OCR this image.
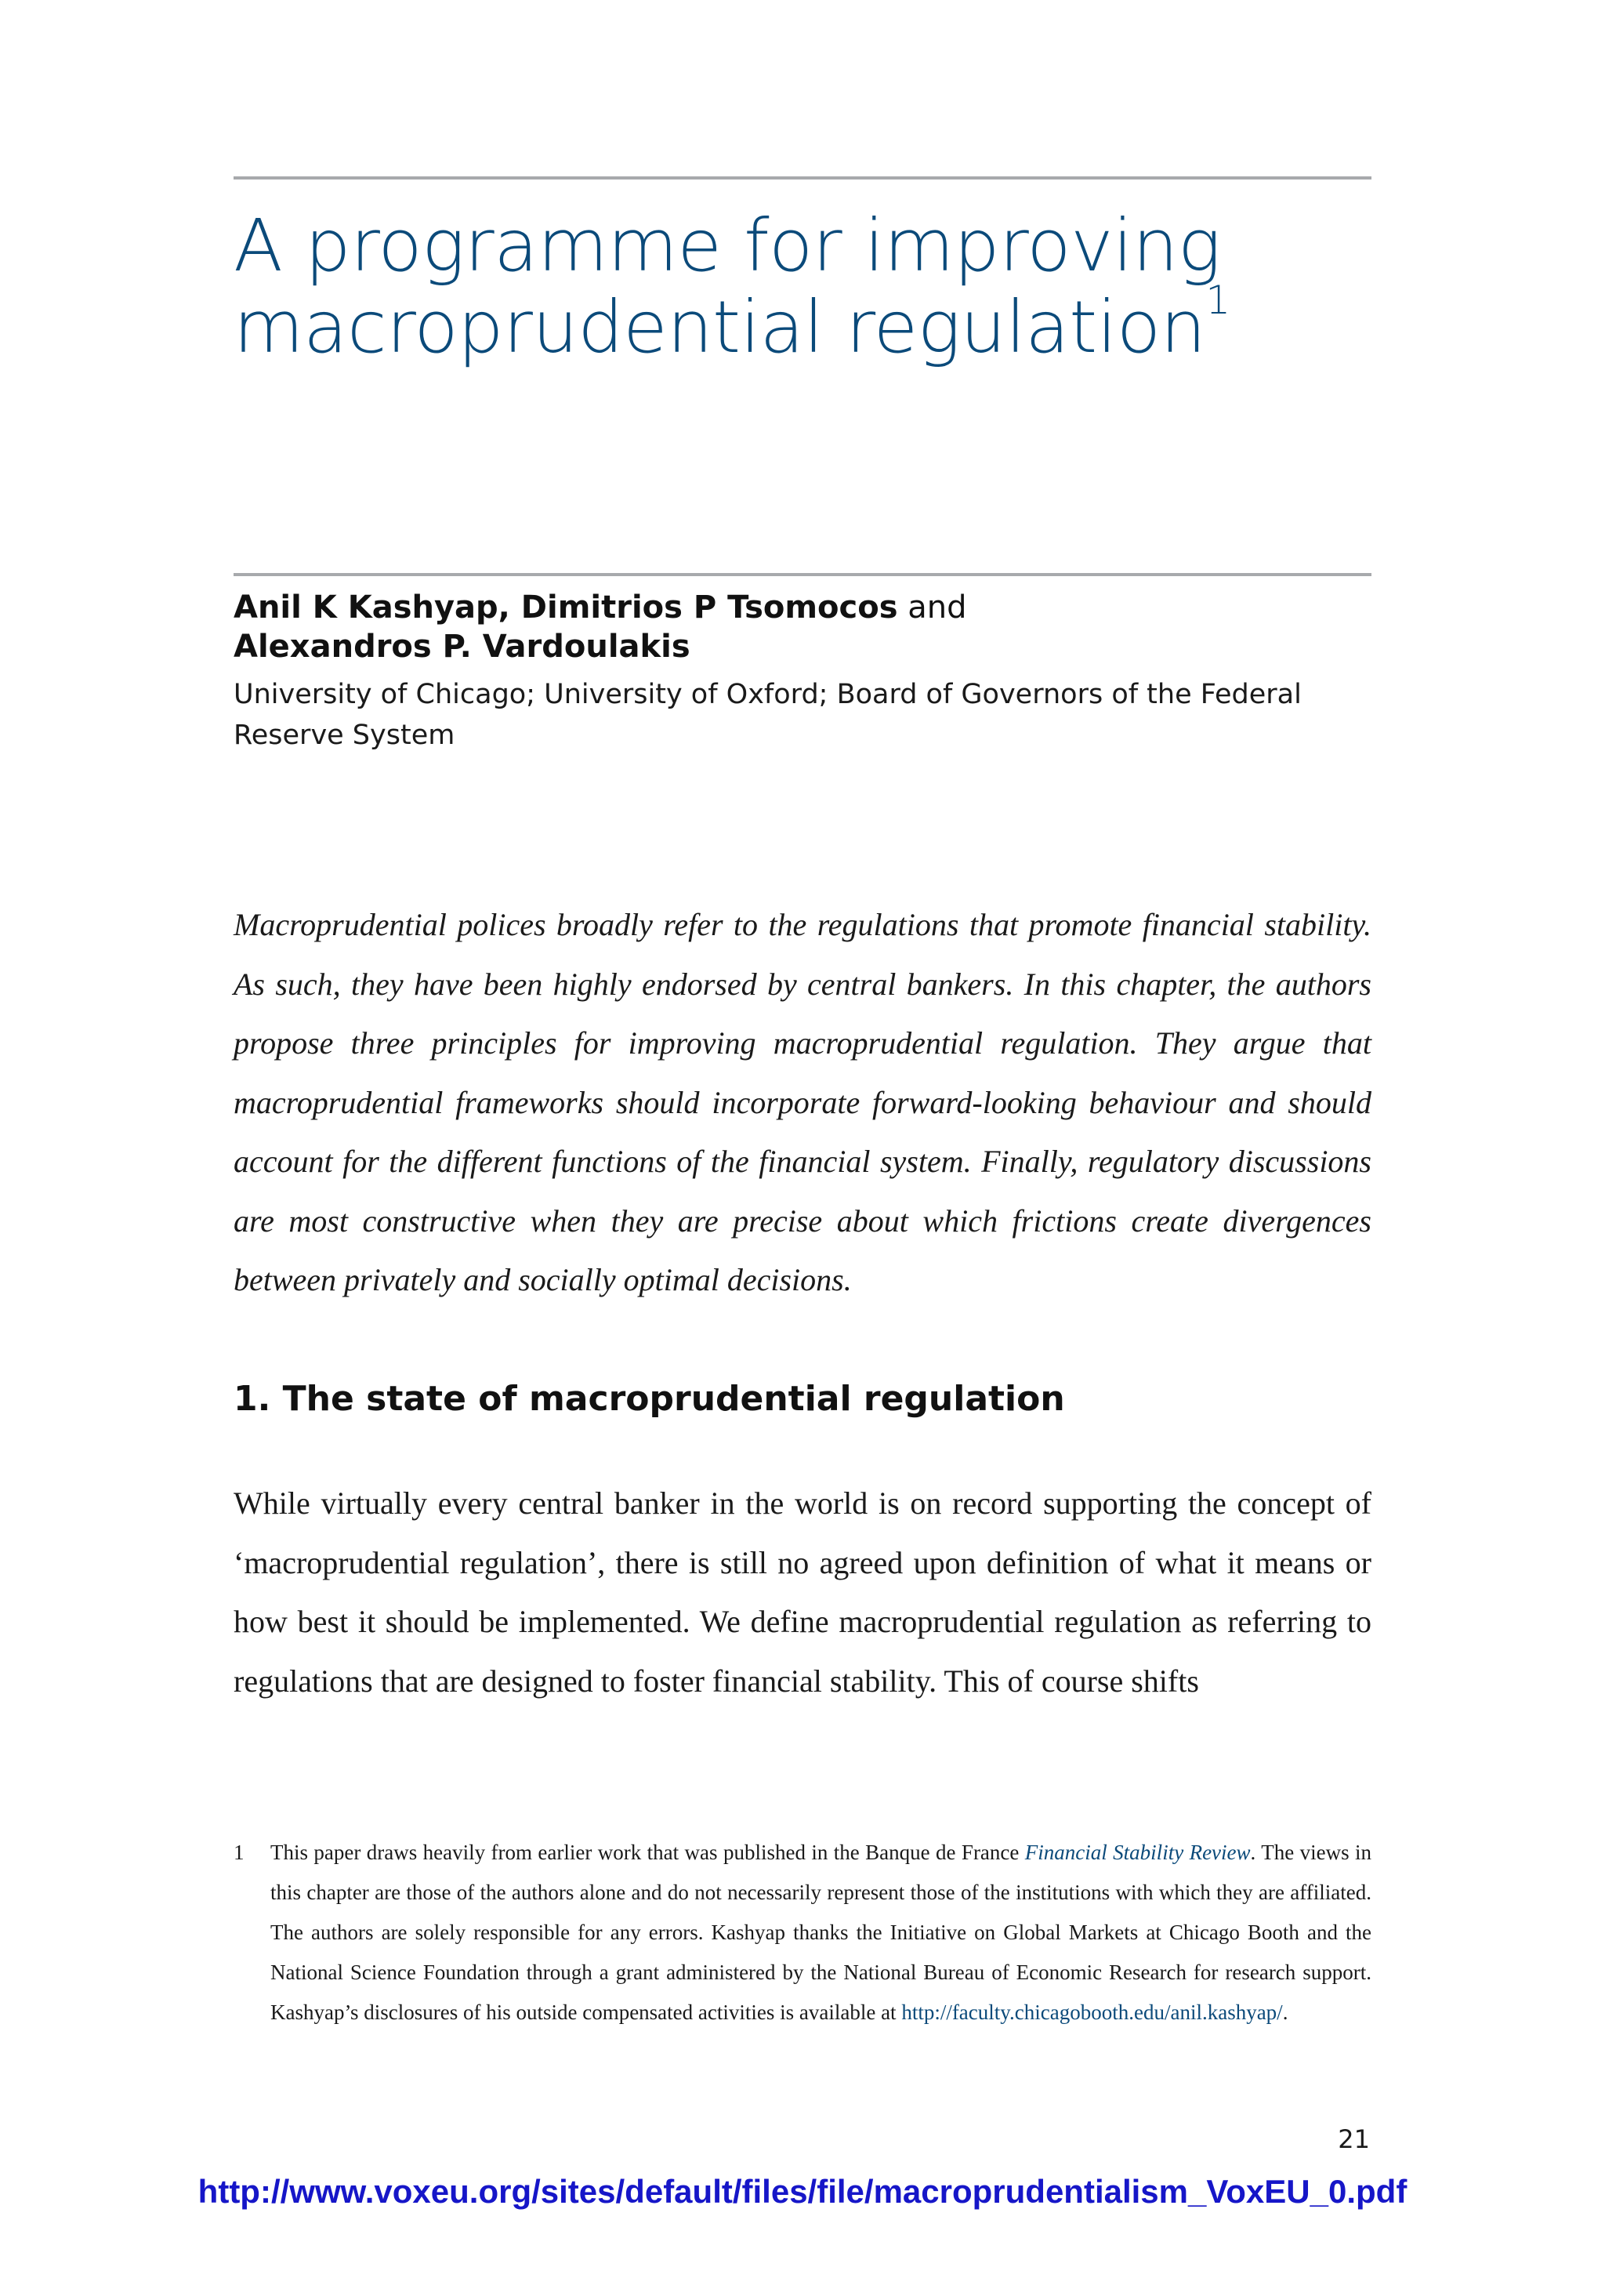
A programme for improving
macroprudential regulation$^1$
Anil K Kashyap, Dimitrios P Tsomocos and
Alexandros P. Vardoulakis
University of Chicago; University of Oxford; Board of Governors of the Federal Reserve System

Macroprudential polices broadly refer to the regulations that promote financial stability. As such, they have been highly endorsed by central bankers. In this chapter, the authors propose three principles for improving macroprudential regulation. They argue that macroprudential frameworks should incorporate forward-looking behaviour and should account for the different functions of the financial system. Finally, regulatory discussions are most constructive when they are precise about which frictions create divergences between privately and socially optimal decisions.

1. The state of macroprudential regulation

While virtually every central banker in the world is on record supporting the concept of ‘macroprudential regulation’, there is still no agreed upon definition of what it means or how best it should be implemented. We define macroprudential regulation as referring to regulations that are designed to foster financial stability. This of course shifts

1 This paper draws heavily from earlier work that was published in the Banque de France Financial Stability Review. The views in this chapter are those of the authors alone and do not necessarily represent those of the institutions with which they are affiliated. The authors are solely responsible for any errors. Kashyap thanks the Initiative on Global Markets at Chicago Booth and the National Science Foundation through a grant administered by the National Bureau of Economic Research for research support. Kashyap’s disclosures of his outside compensated activities is available at http://faculty.chicagobooth.edu/anil.kashyap/.
21
http://www.voxeu.org/sites/default/files/file/macroprudentialism_VoxEU_0.pdf
